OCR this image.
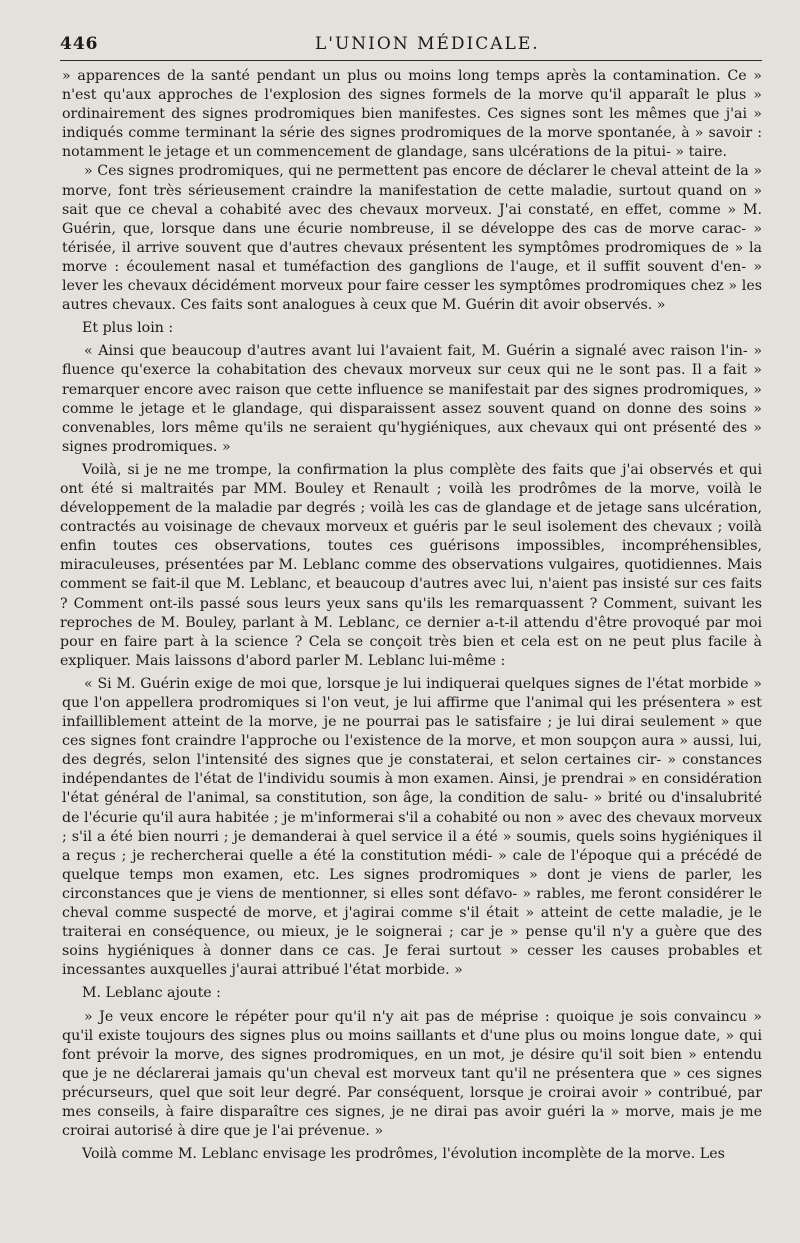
446	L'UNION MÉDICALE.

» apparences de la santé pendant un plus ou moins long temps après la contamination. Ce » n'est qu'aux approches de l'explosion des signes formels de la morve qu'il apparaît le plus » ordinairement des signes prodromiques bien manifestes. Ces signes sont les mêmes que j'ai » indiqués comme terminant la série des signes prodromiques de la morve spontanée, à » savoir : notamment le jetage et un commencement de glandage, sans ulcérations de la pitui- » taire.

» Ces signes prodromiques, qui ne permettent pas encore de déclarer le cheval atteint de la » morve, font très sérieusement craindre la manifestation de cette maladie, surtout quand on » sait que ce cheval a cohabité avec des chevaux morveux. J'ai constaté, en effet, comme » M. Guérin, que, lorsque dans une écurie nombreuse, il se développe des cas de morve carac- » térisée, il arrive souvent que d'autres chevaux présentent les symptômes prodromiques de » la morve : écoulement nasal et tuméfaction des ganglions de l'auge, et il suffit souvent d'en- » lever les chevaux décidément morveux pour faire cesser les symptômes prodromiques chez » les autres chevaux. Ces faits sont analogues à ceux que M. Guérin dit avoir observés. »

Et plus loin :

« Ainsi que beaucoup d'autres avant lui l'avaient fait, M. Guérin a signalé avec raison l'in- » fluence qu'exerce la cohabitation des chevaux morveux sur ceux qui ne le sont pas. Il a fait » remarquer encore avec raison que cette influence se manifestait par des signes prodromiques, » comme le jetage et le glandage, qui disparaissent assez souvent quand on donne des soins » convenables, lors même qu'ils ne seraient qu'hygiéniques, aux chevaux qui ont présenté des » signes prodromiques. »

Voilà, si je ne me trompe, la confirmation la plus complète des faits que j'ai observés et qui ont été si maltraités par MM. Bouley et Renault ; voilà les prodrômes de la morve, voilà le développement de la maladie par degrés ; voilà les cas de glandage et de jetage sans ulcération, contractés au voisinage de chevaux morveux et guéris par le seul isolement des chevaux ; voilà enfin toutes ces observations, toutes ces guérisons impossibles, incompréhensibles, miraculeuses, présentées par M. Leblanc comme des observations vulgaires, quotidiennes. Mais comment se fait-il que M. Leblanc, et beaucoup d'autres avec lui, n'aient pas insisté sur ces faits ? Comment ont-ils passé sous leurs yeux sans qu'ils les remarquassent ? Comment, suivant les reproches de M. Bouley, parlant à M. Leblanc, ce dernier a-t-il attendu d'être provoqué par moi pour en faire part à la science ? Cela se conçoit très bien et cela est on ne peut plus facile à expliquer. Mais laissons d'abord parler M. Leblanc lui-même :

« Si M. Guérin exige de moi que, lorsque je lui indiquerai quelques signes de l'état morbide » que l'on appellera prodromiques si l'on veut, je lui affirme que l'animal qui les présentera » est infailliblement atteint de la morve, je ne pourrai pas le satisfaire ; je lui dirai seulement » que ces signes font craindre l'approche ou l'existence de la morve, et mon soupçon aura » aussi, lui, des degrés, selon l'intensité des signes que je constaterai, et selon certaines cir- » constances indépendantes de l'état de l'individu soumis à mon examen. Ainsi, je prendrai » en considération l'état général de l'animal, sa constitution, son âge, la condition de salu- » brité ou d'insalubrité de l'écurie qu'il aura habitée ; je m'informerai s'il a cohabité ou non » avec des chevaux morveux ; s'il a été bien nourri ; je demanderai à quel service il a été » soumis, quels soins hygiéniques il a reçus ; je rechercherai quelle a été la constitution médi- » cale de l'époque qui a précédé de quelque temps mon examen, etc. Les signes prodromiques » dont je viens de parler, les circonstances que je viens de mentionner, si elles sont défavo- » rables, me feront considérer le cheval comme suspecté de morve, et j'agirai comme s'il était » atteint de cette maladie, je le traiterai en conséquence, ou mieux, je le soignerai ; car je » pense qu'il n'y a guère que des soins hygiéniques à donner dans ce cas. Je ferai surtout » cesser les causes probables et incessantes auxquelles j'aurai attribué l'état morbide. »

M. Leblanc ajoute :

» Je veux encore le répéter pour qu'il n'y ait pas de méprise : quoique je sois convaincu » qu'il existe toujours des signes plus ou moins saillants et d'une plus ou moins longue date, » qui font prévoir la morve, des signes prodromiques, en un mot, je désire qu'il soit bien » entendu que je ne déclarerai jamais qu'un cheval est morveux tant qu'il ne présentera que » ces signes précurseurs, quel que soit leur degré. Par conséquent, lorsque je croirai avoir » contribué, par mes conseils, à faire disparaître ces signes, je ne dirai pas avoir guéri la » morve, mais je me croirai autorisé à dire que je l'ai prévenue. »

Voilà comme M. Leblanc envisage les prodrômes, l'évolution incomplète de la morve. Les
